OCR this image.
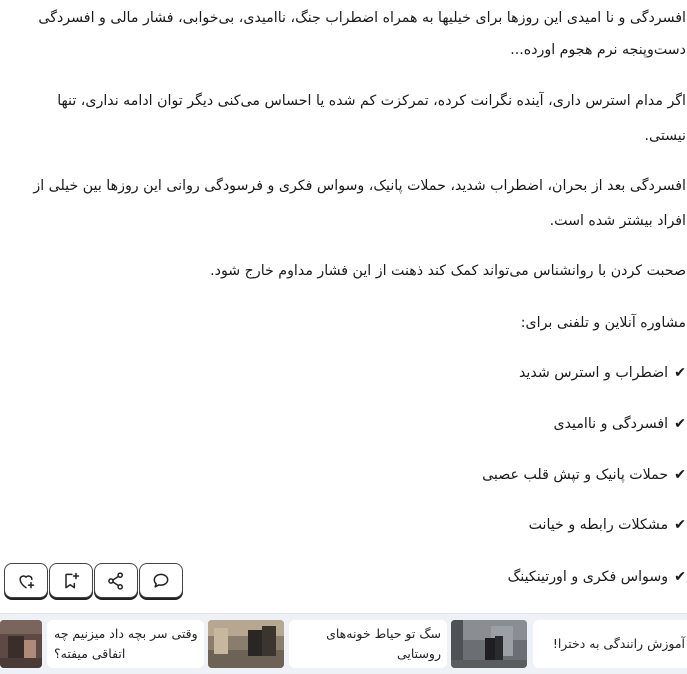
افسردگی و نا امیدی این روزها برای خیلیها به همراه اضطراب جنگ، ناامیدی، بی‌خوابی، فشار مالی و افسردگی

دست‌وپنجه نرم هجوم اورده...

اگر مدام استرس داری، آینده نگرانت کرده، تمرکزت کم شده یا احساس می‌کنی دیگر توان ادامه نداری، تنها

نیستی.

افسردگی بعد از بحران، اضطراب شدید، حملات پانیک، وسواس فکری و فرسودگی روانی این روزها بین خیلی از

افراد بیشتر شده است.

صحبت کردن با روانشناس می‌تواند کمک کند ذهنت از این فشار مداوم خارج شود.

مشاوره آنلاین و تلفنی برای:

✔اضطراب و استرس شدید

✔افسردگی و ناامیدی

✔حملات پانیک و تپش قلب عصبی

✔مشکلات رابطه و خیانت

✔وسواس فکری و اورتینکینگ

آموزش رانندگی به دخترا!
سگ تو حیاط خونه‌های روستایی
وقتی سر بچه داد میزنیم چه
اتفاقی میفته؟
